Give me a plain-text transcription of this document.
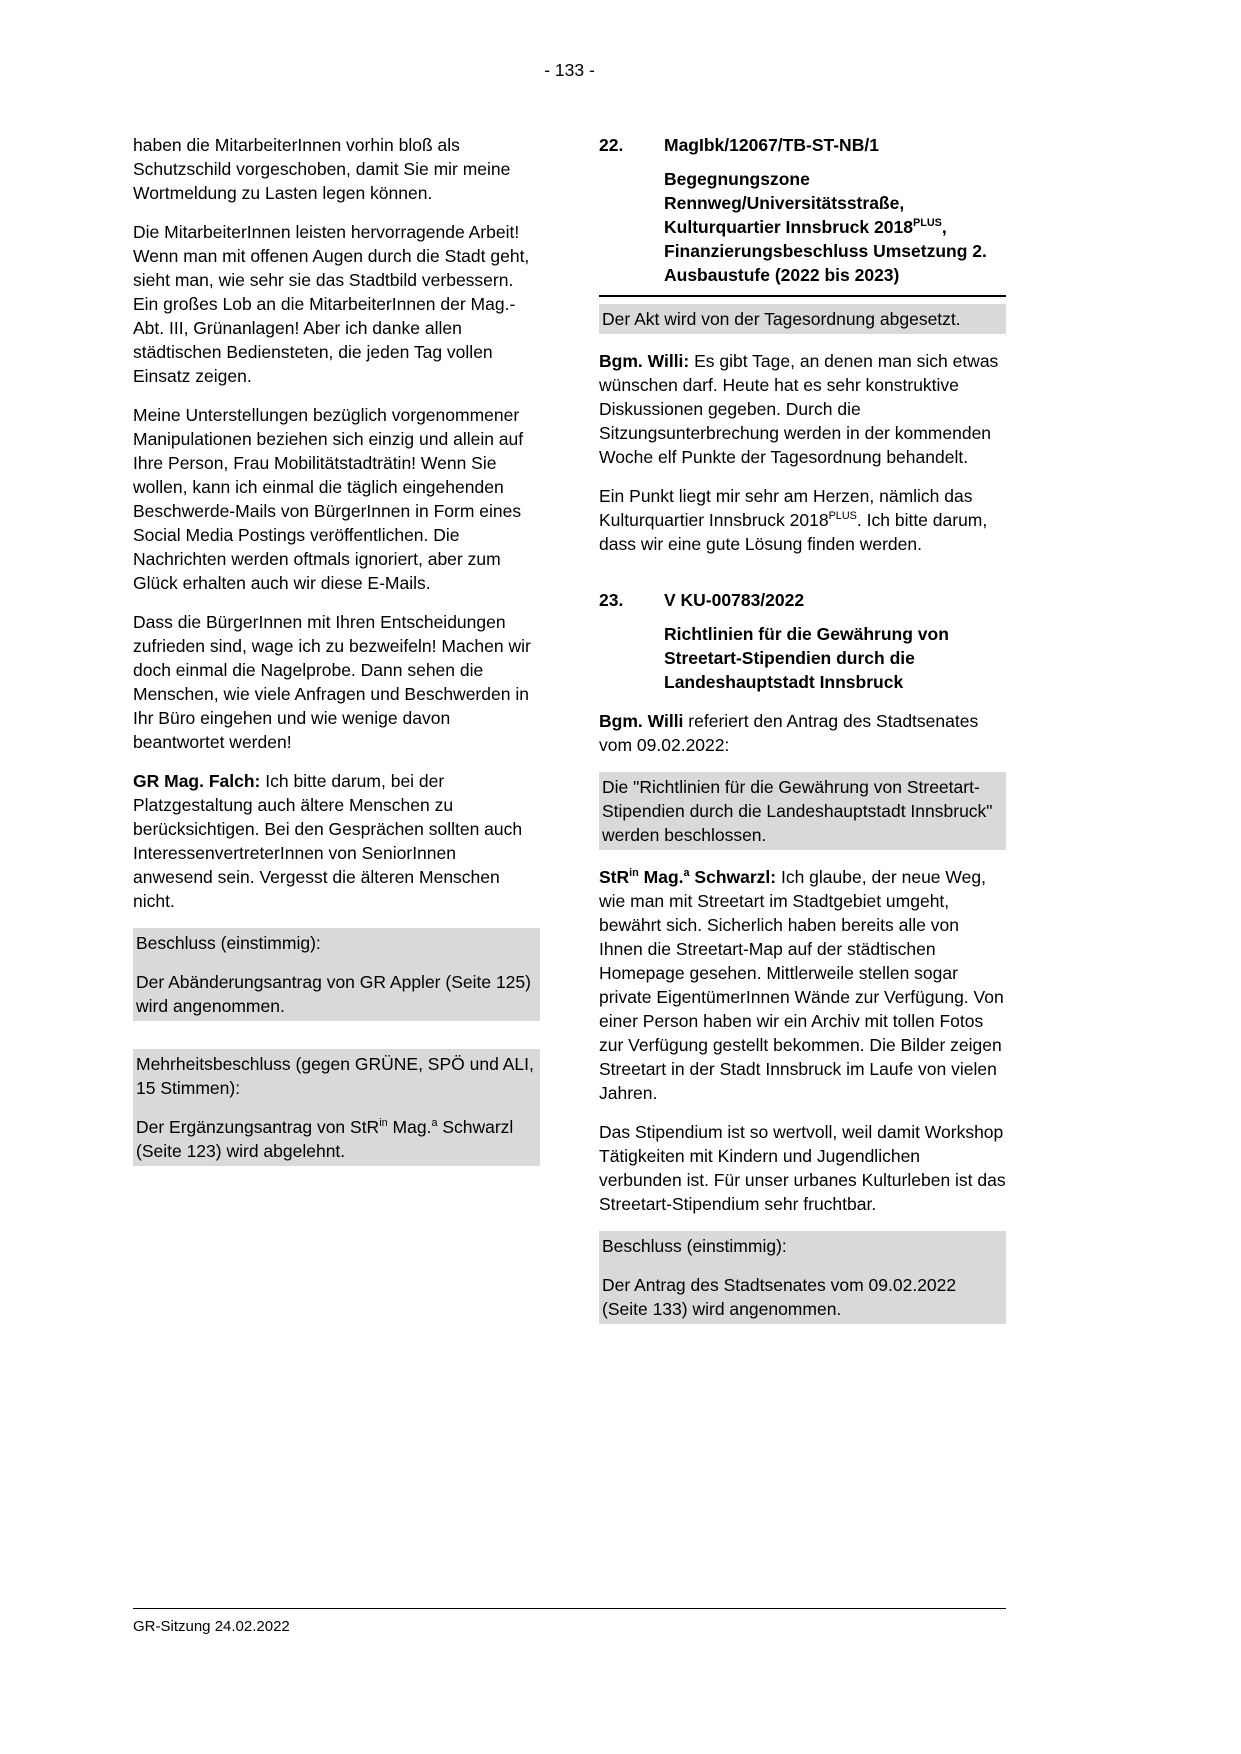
- 133 -

haben die MitarbeiterInnen vorhin bloß als Schutzschild vorgeschoben, damit Sie mir meine Wortmeldung zu Lasten legen können.

Die MitarbeiterInnen leisten hervorragende Arbeit! Wenn man mit offenen Augen durch die Stadt geht, sieht man, wie sehr sie das Stadtbild verbessern. Ein großes Lob an die MitarbeiterInnen der Mag.-Abt. III, Grünanlagen! Aber ich danke allen städtischen Bediensteten, die jeden Tag vollen Einsatz zeigen.

Meine Unterstellungen bezüglich vorgenommener Manipulationen beziehen sich einzig und allein auf Ihre Person, Frau Mobilitätstadträtin! Wenn Sie wollen, kann ich einmal die täglich eingehenden Beschwerde-Mails von BürgerInnen in Form eines Social Media Postings veröffentlichen. Die Nachrichten werden oftmals ignoriert, aber zum Glück erhalten auch wir diese E-Mails.

Dass die BürgerInnen mit Ihren Entscheidungen zufrieden sind, wage ich zu bezweifeln! Machen wir doch einmal die Nagelprobe. Dann sehen die Menschen, wie viele Anfragen und Beschwerden in Ihr Büro eingehen und wie wenige davon beantwortet werden!

GR Mag. Falch: Ich bitte darum, bei der Platzgestaltung auch ältere Menschen zu berücksichtigen. Bei den Gesprächen sollten auch InteressenvertreterInnen von SeniorInnen anwesend sein. Vergesst die älteren Menschen nicht.

Beschluss (einstimmig):

Der Abänderungsantrag von GR Appler (Seite 125) wird angenommen.

Mehrheitsbeschluss (gegen GRÜNE, SPÖ und ALI, 15 Stimmen):

Der Ergänzungsantrag von StR$^{in}$ Mag.$^a$ Schwarzl (Seite 123) wird abgelehnt.

22.	MagIbk/12067/TB-ST-NB/1
Begegnungszone Rennweg/Universitätsstraße, Kulturquartier Innsbruck $2018^{PLUS}$, Finanzierungsbeschluss Umsetzung 2. Ausbaustufe (2022 bis 2023)

Der Akt wird von der Tagesordnung abgesetzt.

Bgm. Willi: Es gibt Tage, an denen man sich etwas wünschen darf. Heute hat es sehr konstruktive Diskussionen gegeben. Durch die Sitzungsunterbrechung werden in der kommenden Woche elf Punkte der Tagesordnung behandelt.

Ein Punkt liegt mir sehr am Herzen, nämlich das Kulturquartier Innsbruck $2018^{PLUS}$. Ich bitte darum, dass wir eine gute Lösung finden werden.

23.	V KU-00783/2022
Richtlinien für die Gewährung von Streetart-Stipendien durch die Landeshauptstadt Innsbruck

Bgm. Willi referiert den Antrag des Stadtsenates vom 09.02.2022:

Die "Richtlinien für die Gewährung von Streetart-Stipendien durch die Landeshauptstadt Innsbruck" werden beschlossen.

StR$^{in}$ Mag.$^a$ Schwarzl: Ich glaube, der neue Weg, wie man mit Streetart im Stadtgebiet umgeht, bewährt sich. Sicherlich haben bereits alle von Ihnen die Streetart-Map auf der städtischen Homepage gesehen. Mittlerweile stellen sogar private EigentümerInnen Wände zur Verfügung. Von einer Person haben wir ein Archiv mit tollen Fotos zur Verfügung gestellt bekommen. Die Bilder zeigen Streetart in der Stadt Innsbruck im Laufe von vielen Jahren.

Das Stipendium ist so wertvoll, weil damit Workshop Tätigkeiten mit Kindern und Jugendlichen verbunden ist. Für unser urbanes Kulturleben ist das Streetart-Stipendium sehr fruchtbar.

Beschluss (einstimmig):

Der Antrag des Stadtsenates vom 09.02.2022 (Seite 133) wird angenommen.

GR-Sitzung 24.02.2022
